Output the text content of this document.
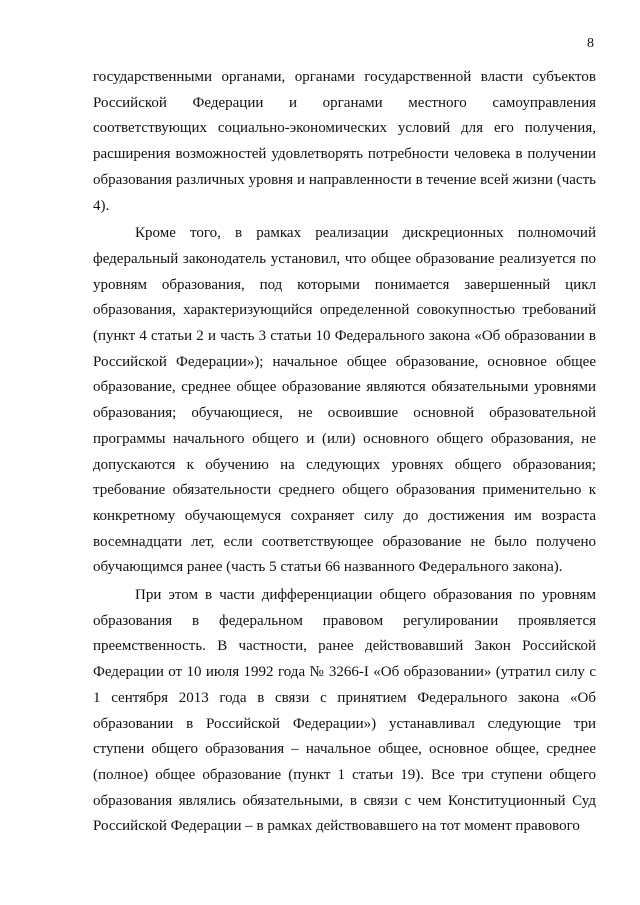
8

государственными органами, органами государственной власти субъектов Российской Федерации и органами местного самоуправления соответствующих социально-экономических условий для его получения, расширения возможностей удовлетворять потребности человека в получении образования различных уровня и направленности в течение всей жизни (часть 4).

Кроме того, в рамках реализации дискреционных полномочий федеральный законодатель установил, что общее образование реализуется по уровням образования, под которыми понимается завершенный цикл образования, характеризующийся определенной совокупностью требований (пункт 4 статьи 2 и часть 3 статьи 10 Федерального закона «Об образовании в Российской Федерации»); начальное общее образование, основное общее образование, среднее общее образование являются обязательными уровнями образования; обучающиеся, не освоившие основной образовательной программы начального общего и (или) основного общего образования, не допускаются к обучению на следующих уровнях общего образования; требование обязательности среднего общего образования применительно к конкретному обучающемуся сохраняет силу до достижения им возраста восемнадцати лет, если соответствующее образование не было получено обучающимся ранее (часть 5 статьи 66 названного Федерального закона).

При этом в части дифференциации общего образования по уровням образования в федеральном правовом регулировании проявляется преемственность. В частности, ранее действовавший Закон Российской Федерации от 10 июля 1992 года № 3266-I «Об образовании» (утратил силу с 1 сентября 2013 года в связи с принятием Федерального закона «Об образовании в Российской Федерации») устанавливал следующие три ступени общего образования – начальное общее, основное общее, среднее (полное) общее образование (пункт 1 статьи 19). Все три ступени общего образования являлись обязательными, в связи с чем Конституционный Суд Российской Федерации – в рамках действовавшего на тот момент правового
